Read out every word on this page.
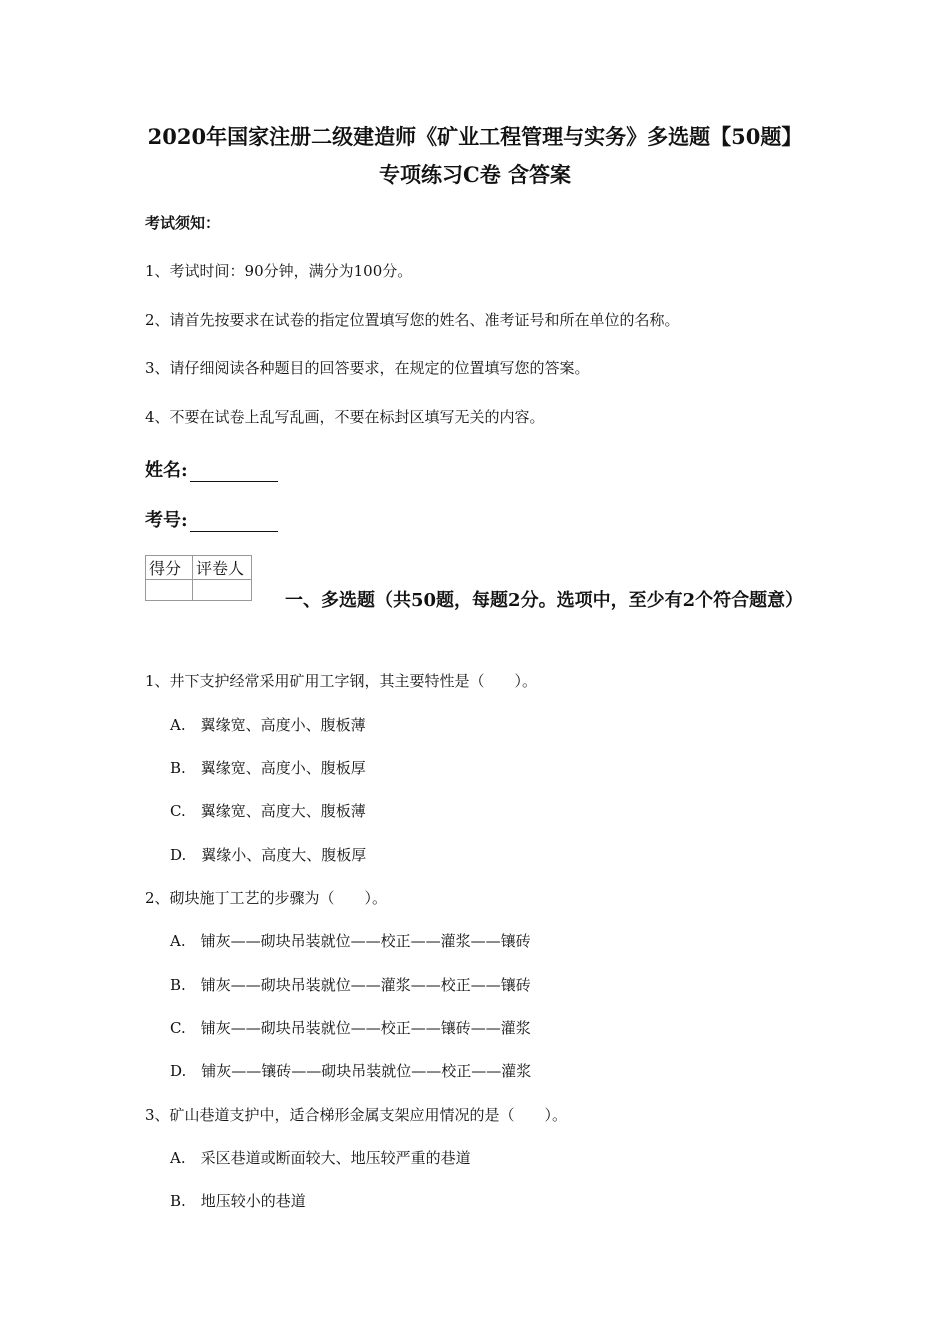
2020年国家注册二级建造师《矿业工程管理与实务》多选题【50题】专项练习C卷 含答案
考试须知：
1、考试时间：90分钟，满分为100分。
2、请首先按要求在试卷的指定位置填写您的姓名、准考证号和所在单位的名称。
3、请仔细阅读各种题目的回答要求，在规定的位置填写您的答案。
4、不要在试卷上乱写乱画，不要在标封区填写无关的内容。
姓名:
考号:
得分	评卷人

一、多选题（共50题，每题2分。选项中，至少有2个符合题意）
1、井下支护经常采用矿用工字钢，其主要特性是（　　）。
A.　翼缘宽、高度小、腹板薄
B.　翼缘宽、高度小、腹板厚
C.　翼缘宽、高度大、腹板薄
D.　翼缘小、高度大、腹板厚
2、砌块施丁工艺的步骤为（　　）。
A.　铺灰——砌块吊装就位——校正——灌浆——镶砖
B.　铺灰——砌块吊装就位——灌浆——校正——镶砖
C.　铺灰——砌块吊装就位——校正——镶砖——灌浆
D.　铺灰——镶砖——砌块吊装就位——校正——灌浆
3、矿山巷道支护中，适合梯形金属支架应用情况的是（　　）。
A.　采区巷道或断面较大、地压较严重的巷道
B.　地压较小的巷道
